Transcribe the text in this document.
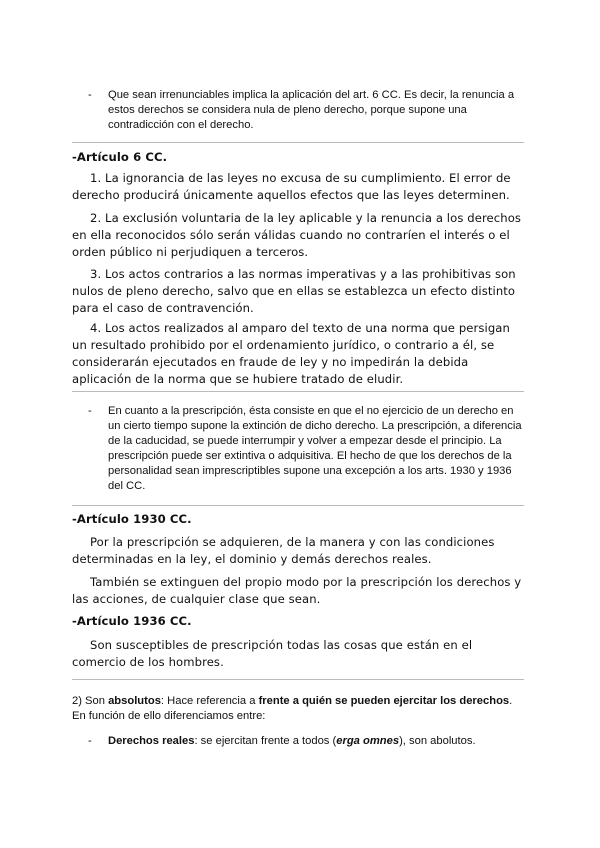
- Que sean irrenunciables implica la aplicación del art. 6 CC. Es decir, la renuncia a estos derechos se considera nula de pleno derecho, porque supone una contradicción con el derecho.
-Artículo 6 CC.
1. La ignorancia de las leyes no excusa de su cumplimiento. El error de derecho producirá únicamente aquellos efectos que las leyes determinen.
2. La exclusión voluntaria de la ley aplicable y la renuncia a los derechos en ella reconocidos sólo serán válidas cuando no contraríen el interés o el orden público ni perjudiquen a terceros.
3. Los actos contrarios a las normas imperativas y a las prohibitivas son nulos de pleno derecho, salvo que en ellas se establezca un efecto distinto para el caso de contravención.
4. Los actos realizados al amparo del texto de una norma que persigan un resultado prohibido por el ordenamiento jurídico, o contrario a él, se considerarán ejecutados en fraude de ley y no impedirán la debida aplicación de la norma que se hubiere tratado de eludir.
- En cuanto a la prescripción, ésta consiste en que el no ejercicio de un derecho en un cierto tiempo supone la extinción de dicho derecho. La prescripción, a diferencia de la caducidad, se puede interrumpir y volver a empezar desde el principio. La prescripción puede ser extintiva o adquisitiva. El hecho de que los derechos de la personalidad sean imprescriptibles supone una excepción a los arts. 1930 y 1936 del CC.
-Artículo 1930 CC.
Por la prescripción se adquieren, de la manera y con las condiciones determinadas en la ley, el dominio y demás derechos reales.
También se extinguen del propio modo por la prescripción los derechos y las acciones, de cualquier clase que sean.
-Artículo 1936 CC.
Son susceptibles de prescripción todas las cosas que están en el comercio de los hombres.
2) Son absolutos: Hace referencia a frente a quién se pueden ejercitar los derechos. En función de ello diferenciamos entre:
- Derechos reales: se ejercitan frente a todos (erga omnes), son abolutos.
